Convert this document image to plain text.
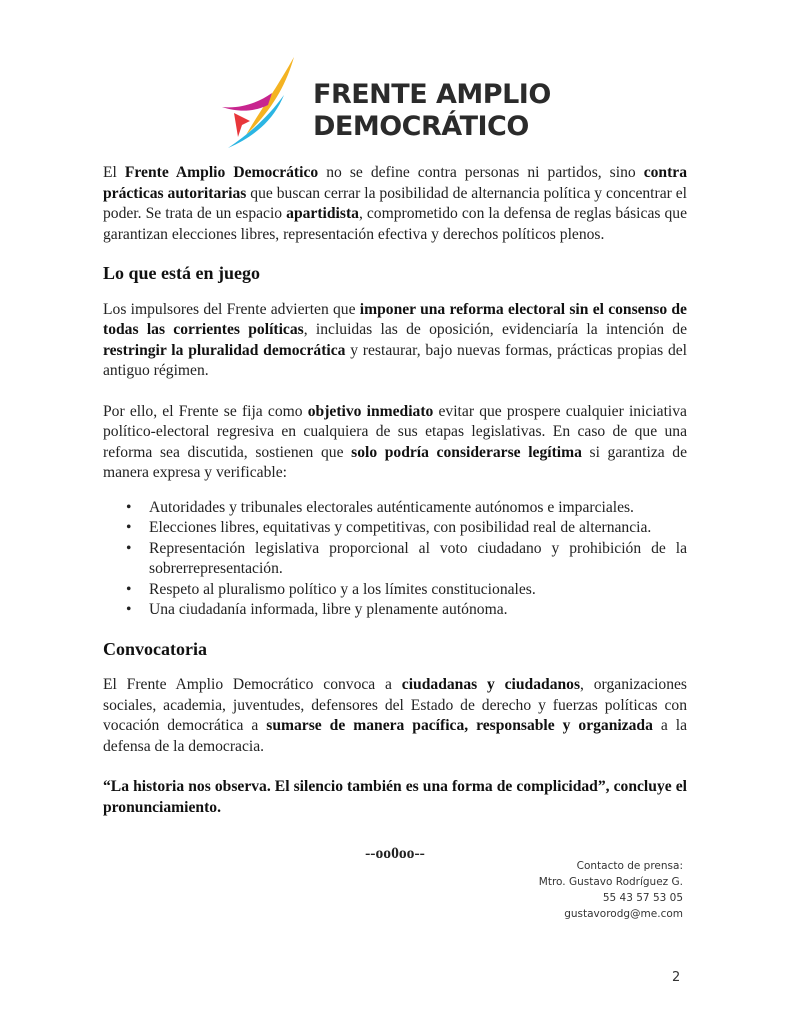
FRENTE AMPLIO
DEMOCRÁTICO

El Frente Amplio Democrático no se define contra personas ni partidos, sino contra prácticas autoritarias que buscan cerrar la posibilidad de alternancia política y concentrar el poder. Se trata de un espacio apartidista, comprometido con la defensa de reglas básicas que garantizan elecciones libres, representación efectiva y derechos políticos plenos.

Lo que está en juego

Los impulsores del Frente advierten que imponer una reforma electoral sin el consenso de todas las corrientes políticas, incluidas las de oposición, evidenciaría la intención de restringir la pluralidad democrática y restaurar, bajo nuevas formas, prácticas propias del antiguo régimen.

Por ello, el Frente se fija como objetivo inmediato evitar que prospere cualquier iniciativa político-electoral regresiva en cualquiera de sus etapas legislativas. En caso de que una reforma sea discutida, sostienen que solo podría considerarse legítima si garantiza de manera expresa y verificable:

• Autoridades y tribunales electorales auténticamente autónomos e imparciales.
• Elecciones libres, equitativas y competitivas, con posibilidad real de alternancia.
• Representación legislativa proporcional al voto ciudadano y prohibición de la sobrerrepresentación.
• Respeto al pluralismo político y a los límites constitucionales.
• Una ciudadanía informada, libre y plenamente autónoma.
Convocatoria

El Frente Amplio Democrático convoca a ciudadanas y ciudadanos, organizaciones sociales, academia, juventudes, defensores del Estado de derecho y fuerzas políticas con vocación democrática a sumarse de manera pacífica, responsable y organizada a la defensa de la democracia.

“La historia nos observa. El silencio también es una forma de complicidad”, concluye el pronunciamiento.

--oo0oo--
Contacto de prensa:
Mtro. Gustavo Rodríguez G.
55 43 57 53 05
gustavorodg@me.com
2
